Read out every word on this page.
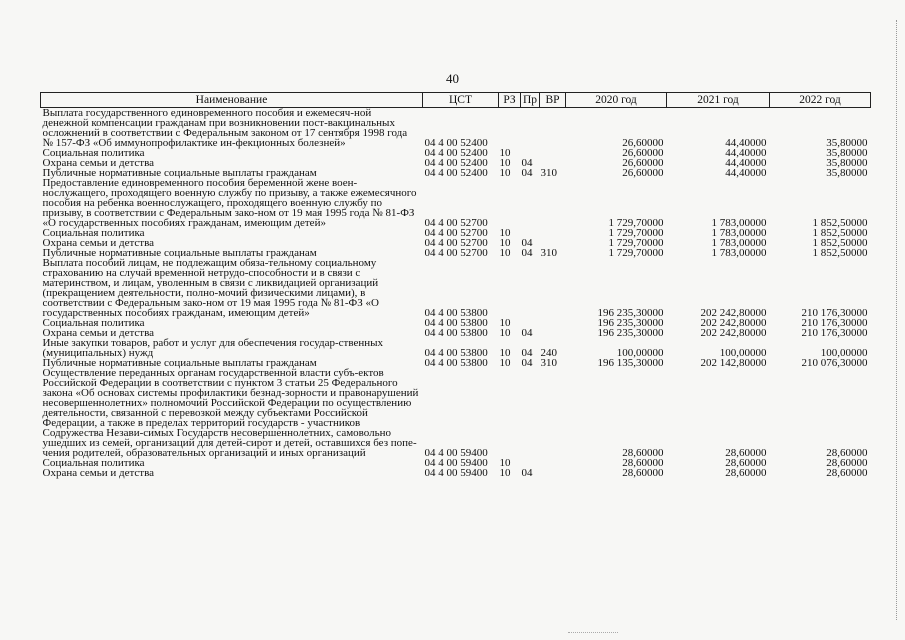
40
Наименование	ЦСТ	РЗ	Пр	ВР	2020 год	2021 год	2022 год
Выплата государственного единовременного пособия и ежемесяч-ной денежной компенсации гражданам при возникновении пост-вакцинальных осложнений в соответствии с Федеральным законом от 17 сентября 1998 года № 157-ФЗ «Об иммунопрофилактике ин-фекционных болезней»	04 4 00 52400				26,60000	44,40000	35,80000
Социальная политика	04 4 00 52400	10			26,60000	44,40000	35,80000
Охрана семьи и детства	04 4 00 52400	10	04		26,60000	44,40000	35,80000
Публичные нормативные социальные выплаты гражданам	04 4 00 52400	10	04	310	26,60000	44,40000	35,80000
Предоставление единовременного пособия беременной жене воен-нослужащего, проходящего военную службу по призыву, а также ежемесячного пособия на ребенка военнослужащего, проходящего военную службу по призыву, в соответствии с Федеральным зако-ном от 19 мая 1995 года № 81-ФЗ «О государственных пособиях гражданам, имеющим детей»	04 4 00 52700				1 729,70000	1 783,00000	1 852,50000
Социальная политика	04 4 00 52700	10			1 729,70000	1 783,00000	1 852,50000
Охрана семьи и детства	04 4 00 52700	10	04		1 729,70000	1 783,00000	1 852,50000
Публичные нормативные социальные выплаты гражданам	04 4 00 52700	10	04	310	1 729,70000	1 783,00000	1 852,50000
Выплата пособий лицам, не подлежащим обяза-тельному социальному страхованию на случай временной нетрудо-способности и в связи с материнством, и лицам, уволенным в связи с ликвидацией организаций (прекращением деятельности, полно-мочий физическими лицами), в соответствии с Федеральным зако-ном от 19 мая 1995 года № 81-ФЗ «О государственных пособиях гражданам, имеющим детей»	04 4 00 53800				196 235,30000	202 242,80000	210 176,30000
Социальная политика	04 4 00 53800	10			196 235,30000	202 242,80000	210 176,30000
Охрана семьи и детства	04 4 00 53800	10	04		196 235,30000	202 242,80000	210 176,30000
Иные закупки товаров, работ и услуг для обеспечения государ-ственных (муниципальных) нужд	04 4 00 53800	10	04	240	100,00000	100,00000	100,00000
Публичные нормативные социальные выплаты гражданам	04 4 00 53800	10	04	310	196 135,30000	202 142,80000	210 076,30000
Осуществление переданных органам государственной власти субъ-ектов Российской Федерации в соответствии с пунктом 3 статьи 25 Федерального закона «Об основах системы профилактики безнад-зорности и правонарушений несовершеннолетних» полномочий Российской Федерации по осуществлению деятельности, связанной с перевозкой между субъектами Российской Федерации, а также в пределах территорий государств - участников Содружества Незави-симых Государств несовершеннолетних, самовольно ушедших из семей, организаций для детей-сирот и детей, оставшихся без попе-чения родителей, образовательных организаций и иных организаций	04 4 00 59400				28,60000	28,60000	28,60000
Социальная политика	04 4 00 59400	10			28,60000	28,60000	28,60000
Охрана семьи и детства	04 4 00 59400	10	04		28,60000	28,60000	28,60000
